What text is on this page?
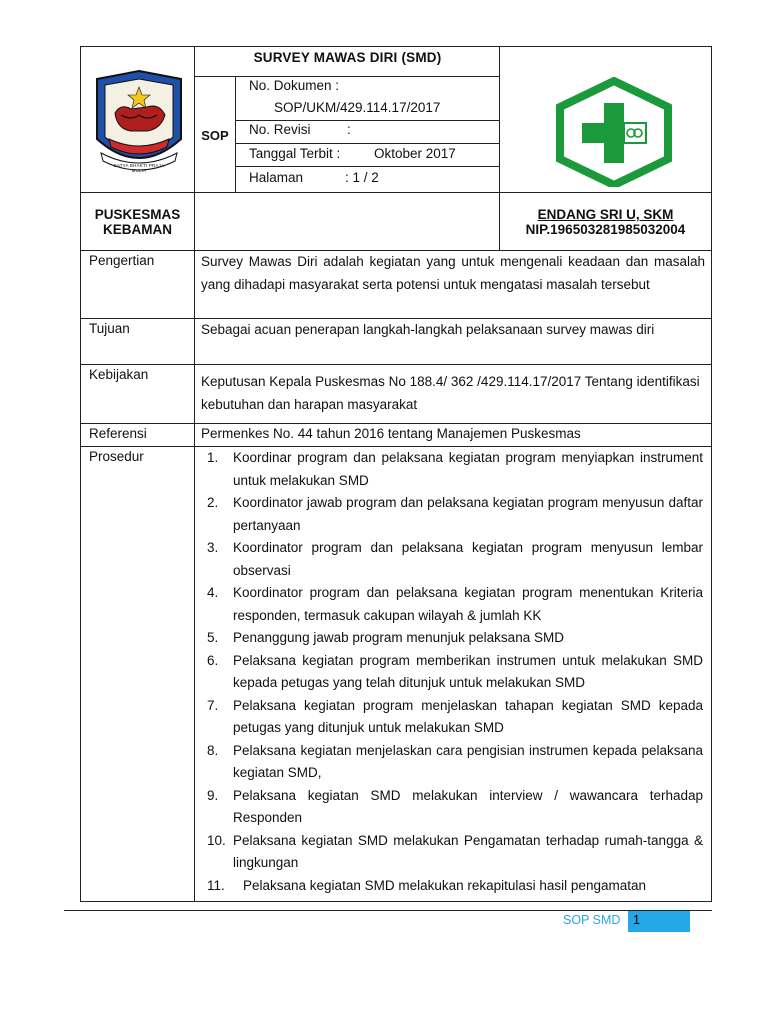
SATYA BHAKTI PRAJA MULIA
SURVEY MAWAS DIRI (SMD)
SOP
No. Dokumen :
SOP/UKM/429.114.17/2017
No. Revisi	:
Tanggal Terbit : Oktober 2017
Halaman	: 1 / 2
PUSKESMAS
KEBAMAN
ENDANG SRI U, SKM
NIP.196503281985032004
Pengertian	Survey Mawas Diri adalah kegiatan yang untuk mengenali keadaan dan masalah yang dihadapi masyarakat serta potensi untuk mengatasi masalah tersebut
Tujuan	Sebagai acuan penerapan langkah-langkah pelaksanaan survey mawas diri
Kebijakan	Keputusan Kepala Puskesmas No 188.4/ 362 /429.114.17/2017 Tentang identifikasi kebutuhan dan harapan masyarakat
Referensi	Permenkes No. 44 tahun 2016 tentang Manajemen Puskesmas
Prosedur	1. Koordinar program dan pelaksana kegiatan program menyiapkan instrument untuk melakukan SMD
2. Koordinator jawab program dan pelaksana kegiatan program menyusun daftar pertanyaan
3. Koordinator program dan pelaksana kegiatan program menyusun lembar observasi
4. Koordinator program dan pelaksana kegiatan program menentukan Kriteria responden, termasuk cakupan wilayah & jumlah KK
5. Penanggung jawab program menunjuk pelaksana SMD
6. Pelaksana kegiatan program memberikan instrumen untuk melakukan SMD kepada petugas yang telah ditunjuk untuk melakukan SMD
7. Pelaksana kegiatan program menjelaskan tahapan kegiatan SMD kepada petugas yang ditunjuk untuk melakukan SMD
8. Pelaksana kegiatan menjelaskan cara pengisian instrumen kepada pelaksana kegiatan SMD,
9. Pelaksana kegiatan SMD melakukan interview / wawancara terhadap Responden
10. Pelaksana kegiatan SMD melakukan Pengamatan terhadap rumah-tangga & lingkungan
11. Pelaksana kegiatan SMD melakukan rekapitulasi hasil pengamatan
SOP SMD	1
